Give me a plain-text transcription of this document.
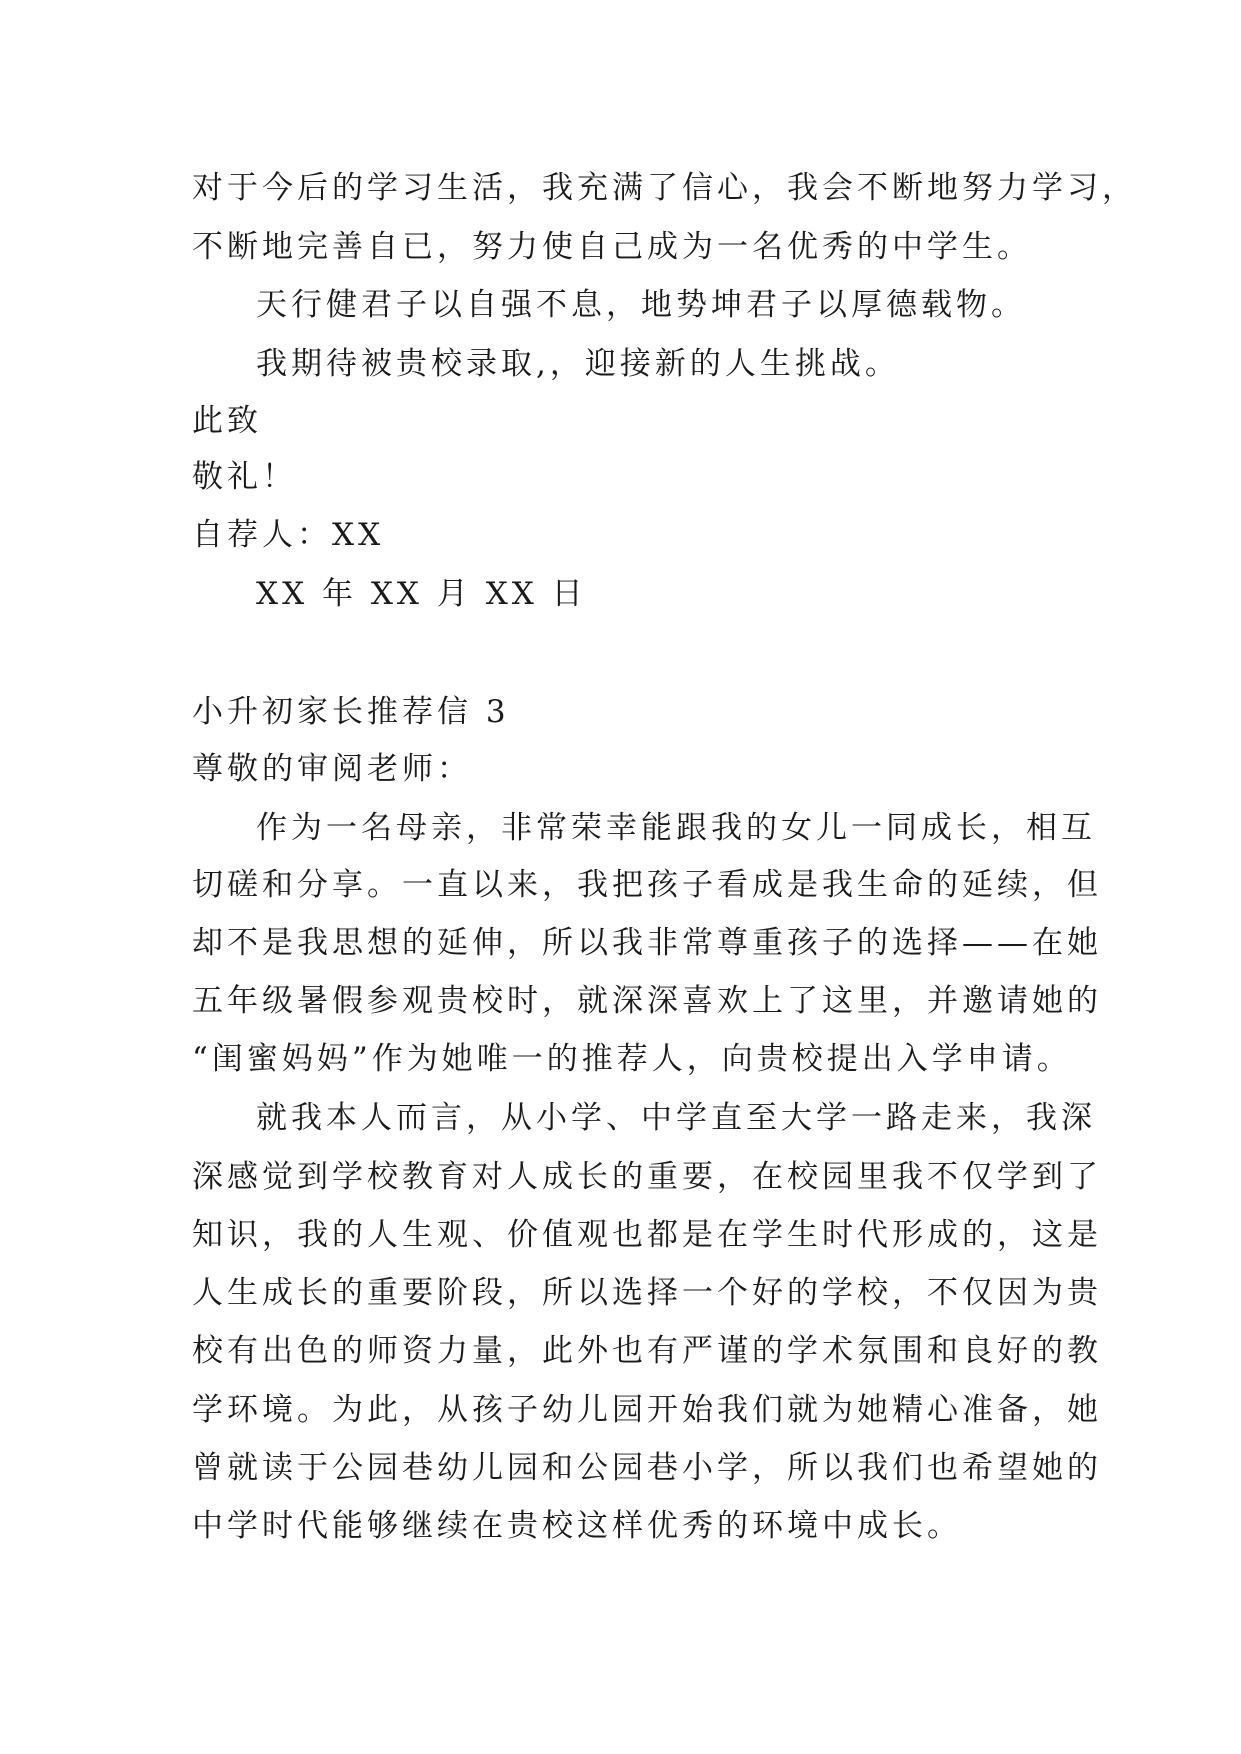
对于今后的学习生活，我充满了信心，我会不断地努力学习，
不断地完善自已，努力使自己成为一名优秀的中学生。
天行健君子以自强不息，地势坤君子以厚德载物。
我期待被贵校录取,，迎接新的人生挑战。
此致
敬礼！
自荐人：XX
XX 年 XX 月 XX 日
小升初家长推荐信 3
尊敬的审阅老师：
作为一名母亲，非常荣幸能跟我的女儿一同成长，相互
切磋和分享。一直以来，我把孩子看成是我生命的延续，但
却不是我思想的延伸，所以我非常尊重孩子的选择——在她
五年级暑假参观贵校时，就深深喜欢上了这里，并邀请她的
“闺蜜妈妈”作为她唯一的推荐人，向贵校提出入学申请。
就我本人而言，从小学、中学直至大学一路走来，我深
深感觉到学校教育对人成长的重要，在校园里我不仅学到了
知识，我的人生观、价值观也都是在学生时代形成的，这是
人生成长的重要阶段，所以选择一个好的学校，不仅因为贵
校有出色的师资力量，此外也有严谨的学术氛围和良好的教
学环境。为此，从孩子幼儿园开始我们就为她精心准备，她
曾就读于公园巷幼儿园和公园巷小学，所以我们也希望她的
中学时代能够继续在贵校这样优秀的环境中成长。
